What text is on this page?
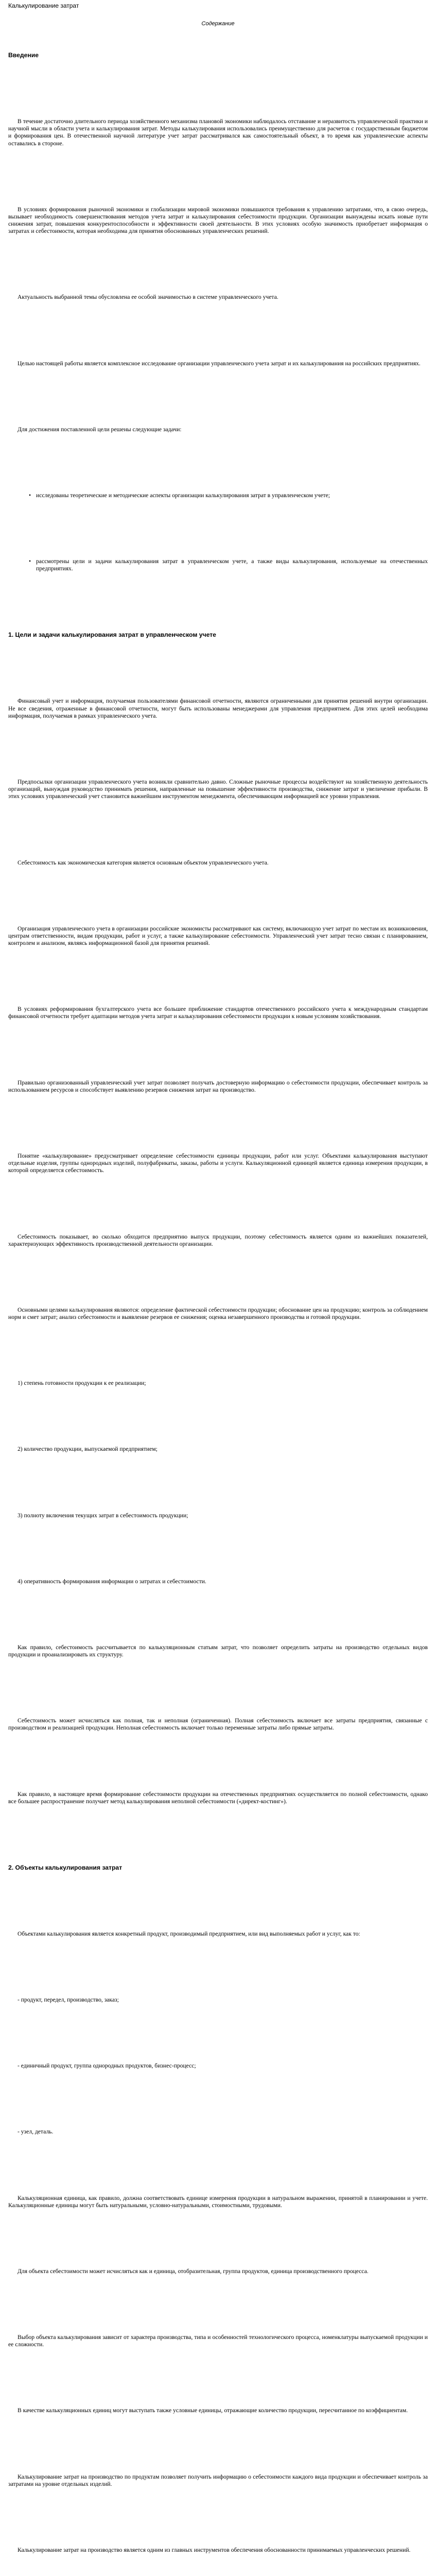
Калькулирование затрат
Содержание
Введение

В течение достаточно длительного периода хозяйственного механизма плановой экономики наблюдалось отставание и неразвитость управленческой практики и научной мысли в области учета и калькулирования затрат. Методы калькулирования использовались преимущественно для расчетов с государственным бюджетом и формирования цен. В отечественной научной литературе учет затрат рассматривался как самостоятельный объект, в то время как управленческие аспекты оставались в стороне.

В условиях формирования рыночной экономики и глобализации мировой экономики повышаются требования к управлению затратами, что, в свою очередь, вызывает необходимость совершенствования методов учета затрат и калькулирования себестоимости продукции. Организации вынуждены искать новые пути снижения затрат, повышения конкурентоспособности и эффективности своей деятельности. В этих условиях особую значимость приобретает информация о затратах и себестоимости, которая необходима для принятия обоснованных управленческих решений.

Актуальность выбранной темы обусловлена ее особой значимостью в системе управленческого учета.

Целью настоящей работы является комплексное исследование организации управленческого учета затрат и их калькулирования на российских предприятиях.

Для достижения поставленной цели решены следующие задачи:

• исследованы теоретические и методические аспекты организации калькулирования затрат в управленческом учете;
• рассмотрены цели и задачи калькулирования затрат в управленческом учете, а также виды калькулирования, используемые на отечественных предприятиях.
1. Цели и задачи калькулирования затрат в управленческом учете

Финансовый учет и информация, получаемая пользователями финансовой отчетности, являются ограниченными для принятия решений внутри организации. Не все сведения, отраженные в финансовой отчетности, могут быть использованы менеджерами для управления предприятием. Для этих целей необходима информация, получаемая в рамках управленческого учета.

Предпосылки организации управленческого учета возникли сравнительно давно. Сложные рыночные процессы воздействуют на хозяйственную деятельность организаций, вынуждая руководство принимать решения, направленные на повышение эффективности производства, снижение затрат и увеличение прибыли. В этих условиях управленческий учет становится важнейшим инструментом менеджмента, обеспечивающим информацией все уровни управления.

Себестоимость как экономическая категория является основным объектом управленческого учета.

Организация управленческого учета в организации российские экономисты рассматривают как систему, включающую учет затрат по местам их возникновения, центрам ответственности, видам продукции, работ и услуг, а также калькулирование себестоимости. Управленческий учет затрат тесно связан с планированием, контролем и анализом, являясь информационной базой для принятия решений.

В условиях реформирования бухгалтерского учета все большее приближение стандартов отечественного российского учета к международным стандартам финансовой отчетности требует адаптации методов учета затрат и калькулирования себестоимости продукции к новым условиям хозяйствования.

Правильно организованный управленческий учет затрат позволяет получать достоверную информацию о себестоимости продукции, обеспечивает контроль за использованием ресурсов и способствует выявлению резервов снижения затрат на производство.

Понятие «калькулирование» предусматривает определение себестоимости единицы продукции, работ или услуг. Объектами калькулирования выступают отдельные изделия, группы однородных изделий, полуфабрикаты, заказы, работы и услуги. Калькуляционной единицей является единица измерения продукции, в которой определяется себестоимость.

Себестоимость показывает, во сколько обходится предприятию выпуск продукции, поэтому себестоимость является одним из важнейших показателей, характеризующих эффективность производственной деятельности организации.

Основными целями калькулирования являются: определение фактической себестоимости продукции; обоснование цен на продукцию; контроль за соблюдением норм и смет затрат; анализ себестоимости и выявление резервов ее снижения; оценка незавершенного производства и готовой продукции.

1) степень готовности продукции к ее реализации;

2) количество продукции, выпускаемой предприятием;

3) полноту включения текущих затрат в себестоимость продукции;

4) оперативность формирования информации о затратах и себестоимости.

Как правило, себестоимость рассчитывается по калькуляционным статьям затрат, что позволяет определить затраты на производство отдельных видов продукции и проанализировать их структуру.

Себестоимость может исчисляться как полная, так и неполная (ограниченная). Полная себестоимость включает все затраты предприятия, связанные с производством и реализацией продукции. Неполная себестоимость включает только переменные затраты либо прямые затраты.

Как правило, в настоящее время формирование себестоимости продукции на отечественных предприятиях осуществляется по полной себестоимости, однако все большее распространение получает метод калькулирования неполной себестоимости («директ-костинг»).

2. Объекты калькулирования затрат

Объектами калькулирования является конкретный продукт, производимый предприятием, или вид выполняемых работ и услуг, как то:

- продукт, передел, производство, заказ;

- единичный продукт, группа однородных продуктов, бизнес-процесс;

- узел, деталь.

Калькуляционная единица, как правило, должна соответствовать единице измерения продукции в натуральном выражении, принятой в планировании и учете. Калькуляционные единицы могут быть натуральными, условно-натуральными, стоимостными, трудовыми.

Для объекта себестоимости может исчисляться как и единица, отобразительная, группа продуктов, единица производственного процесса.

Выбор объекта калькулирования зависит от характера производства, типа и особенностей технологического процесса, номенклатуры выпускаемой продукции и ее сложности.

В качестве калькуляционных единиц могут выступать также условные единицы, отражающие количество продукции, пересчитанное по коэффициентам.

Калькулирование затрат на производство по продуктам позволяет получить информацию о себестоимости каждого вида продукции и обеспечивает контроль за затратами на уровне отдельных изделий.

Калькулирование затрат на производство является одним из главных инструментов обеспечения обоснованности принимаемых управленческих решений.
